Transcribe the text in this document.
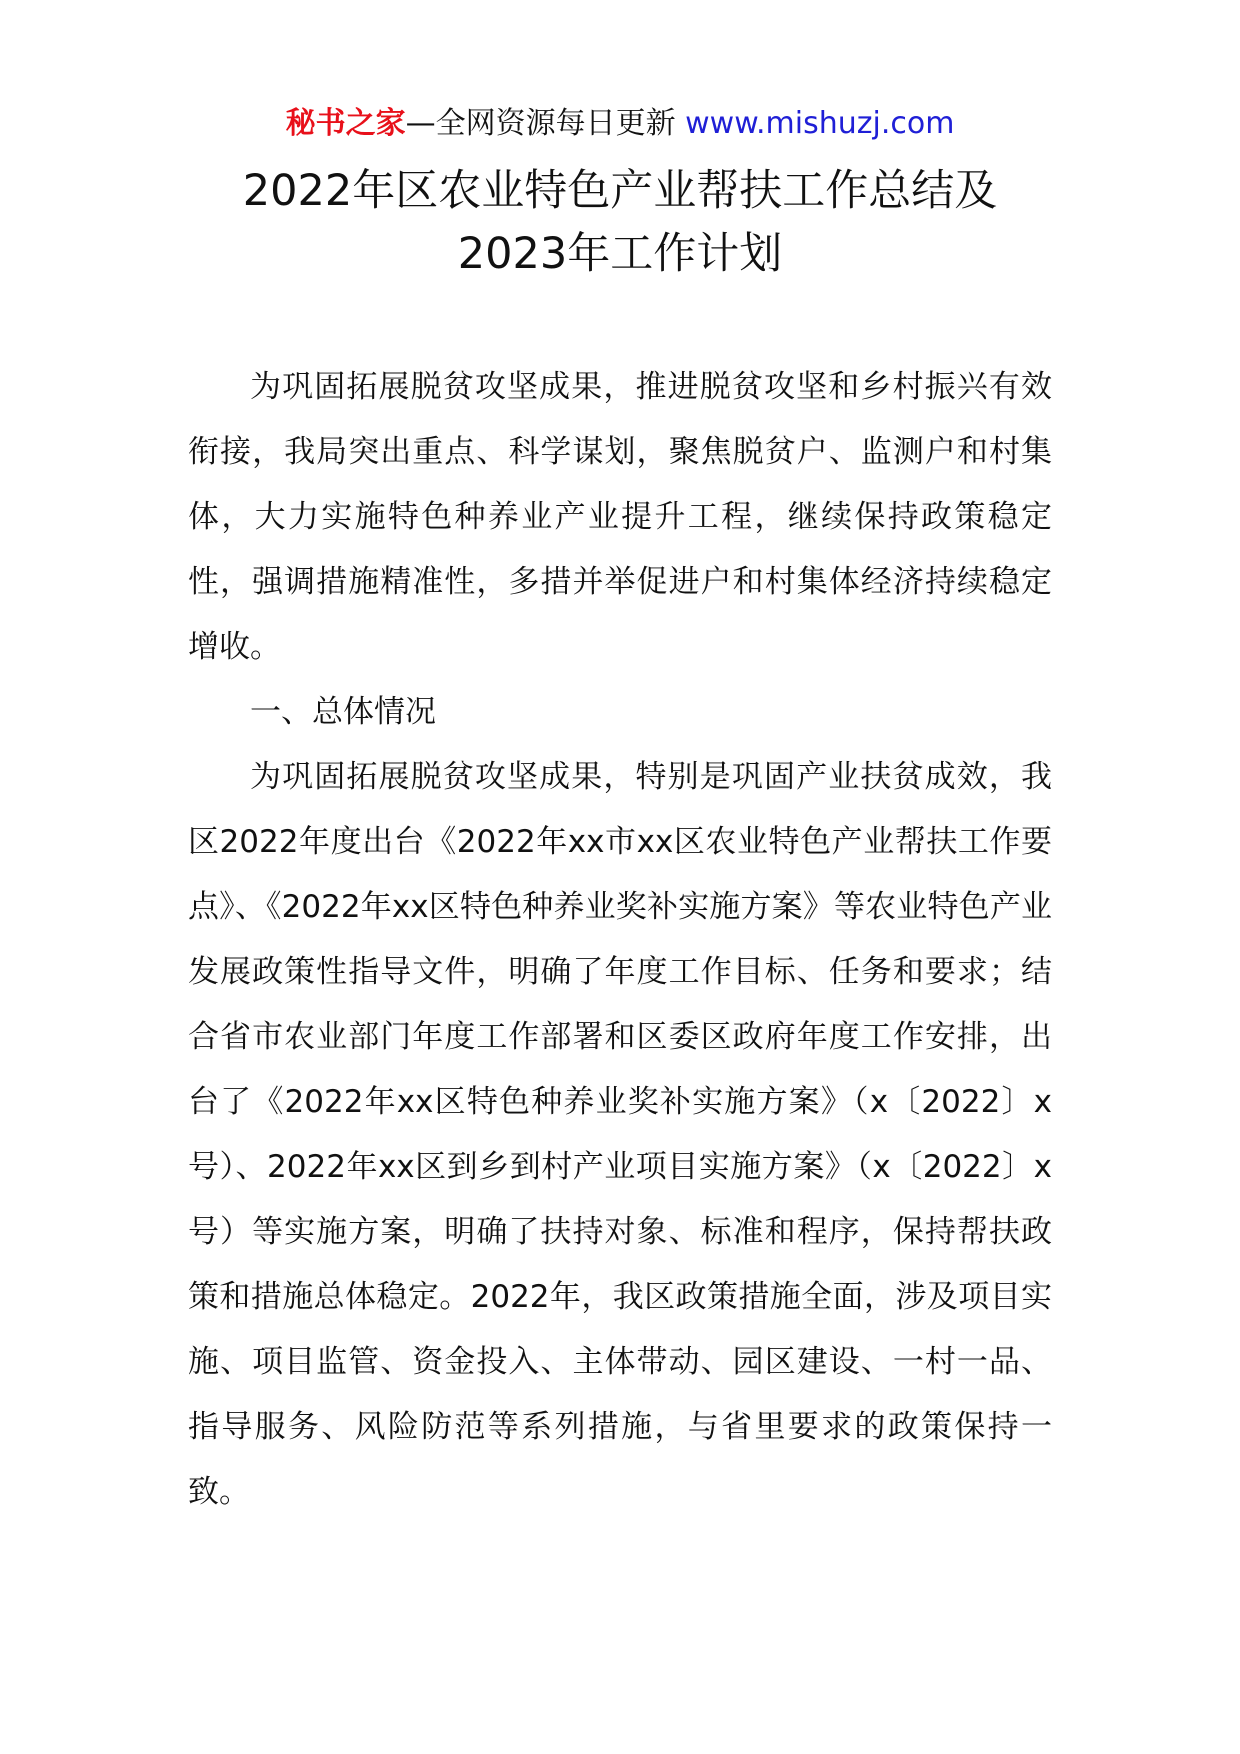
秘书之家—全网资源每日更新 www.mishuzj.com
2022年区农业特色产业帮扶工作总结及
2023年工作计划

为巩固拓展脱贫攻坚成果，推进脱贫攻坚和乡村振兴有效衔接，我局突出重点、科学谋划，聚焦脱贫户、监测户和村集体，大力实施特色种养业产业提升工程，继续保持政策稳定性，强调措施精准性，多措并举促进户和村集体经济持续稳定增收。

一、总体情况

为巩固拓展脱贫攻坚成果，特别是巩固产业扶贫成效，我区2022年度出台《2022年xx市xx区农业特色产业帮扶工作要点》、《2022年xx区特色种养业奖补实施方案》等农业特色产业发展政策性指导文件，明确了年度工作目标、任务和要求；结合省市农业部门年度工作部署和区委区政府年度工作安排，出台了《2022年xx区特色种养业奖补实施方案》（x〔2022〕x号）、2022年xx区到乡到村产业项目实施方案》（x〔2022〕x号）等实施方案，明确了扶持对象、标准和程序，保持帮扶政策和措施总体稳定。2022年，我区政策措施全面，涉及项目实施、项目监管、资金投入、主体带动、园区建设、一村一品、指导服务、风险防范等系列措施，与省里要求的政策保持一致。
